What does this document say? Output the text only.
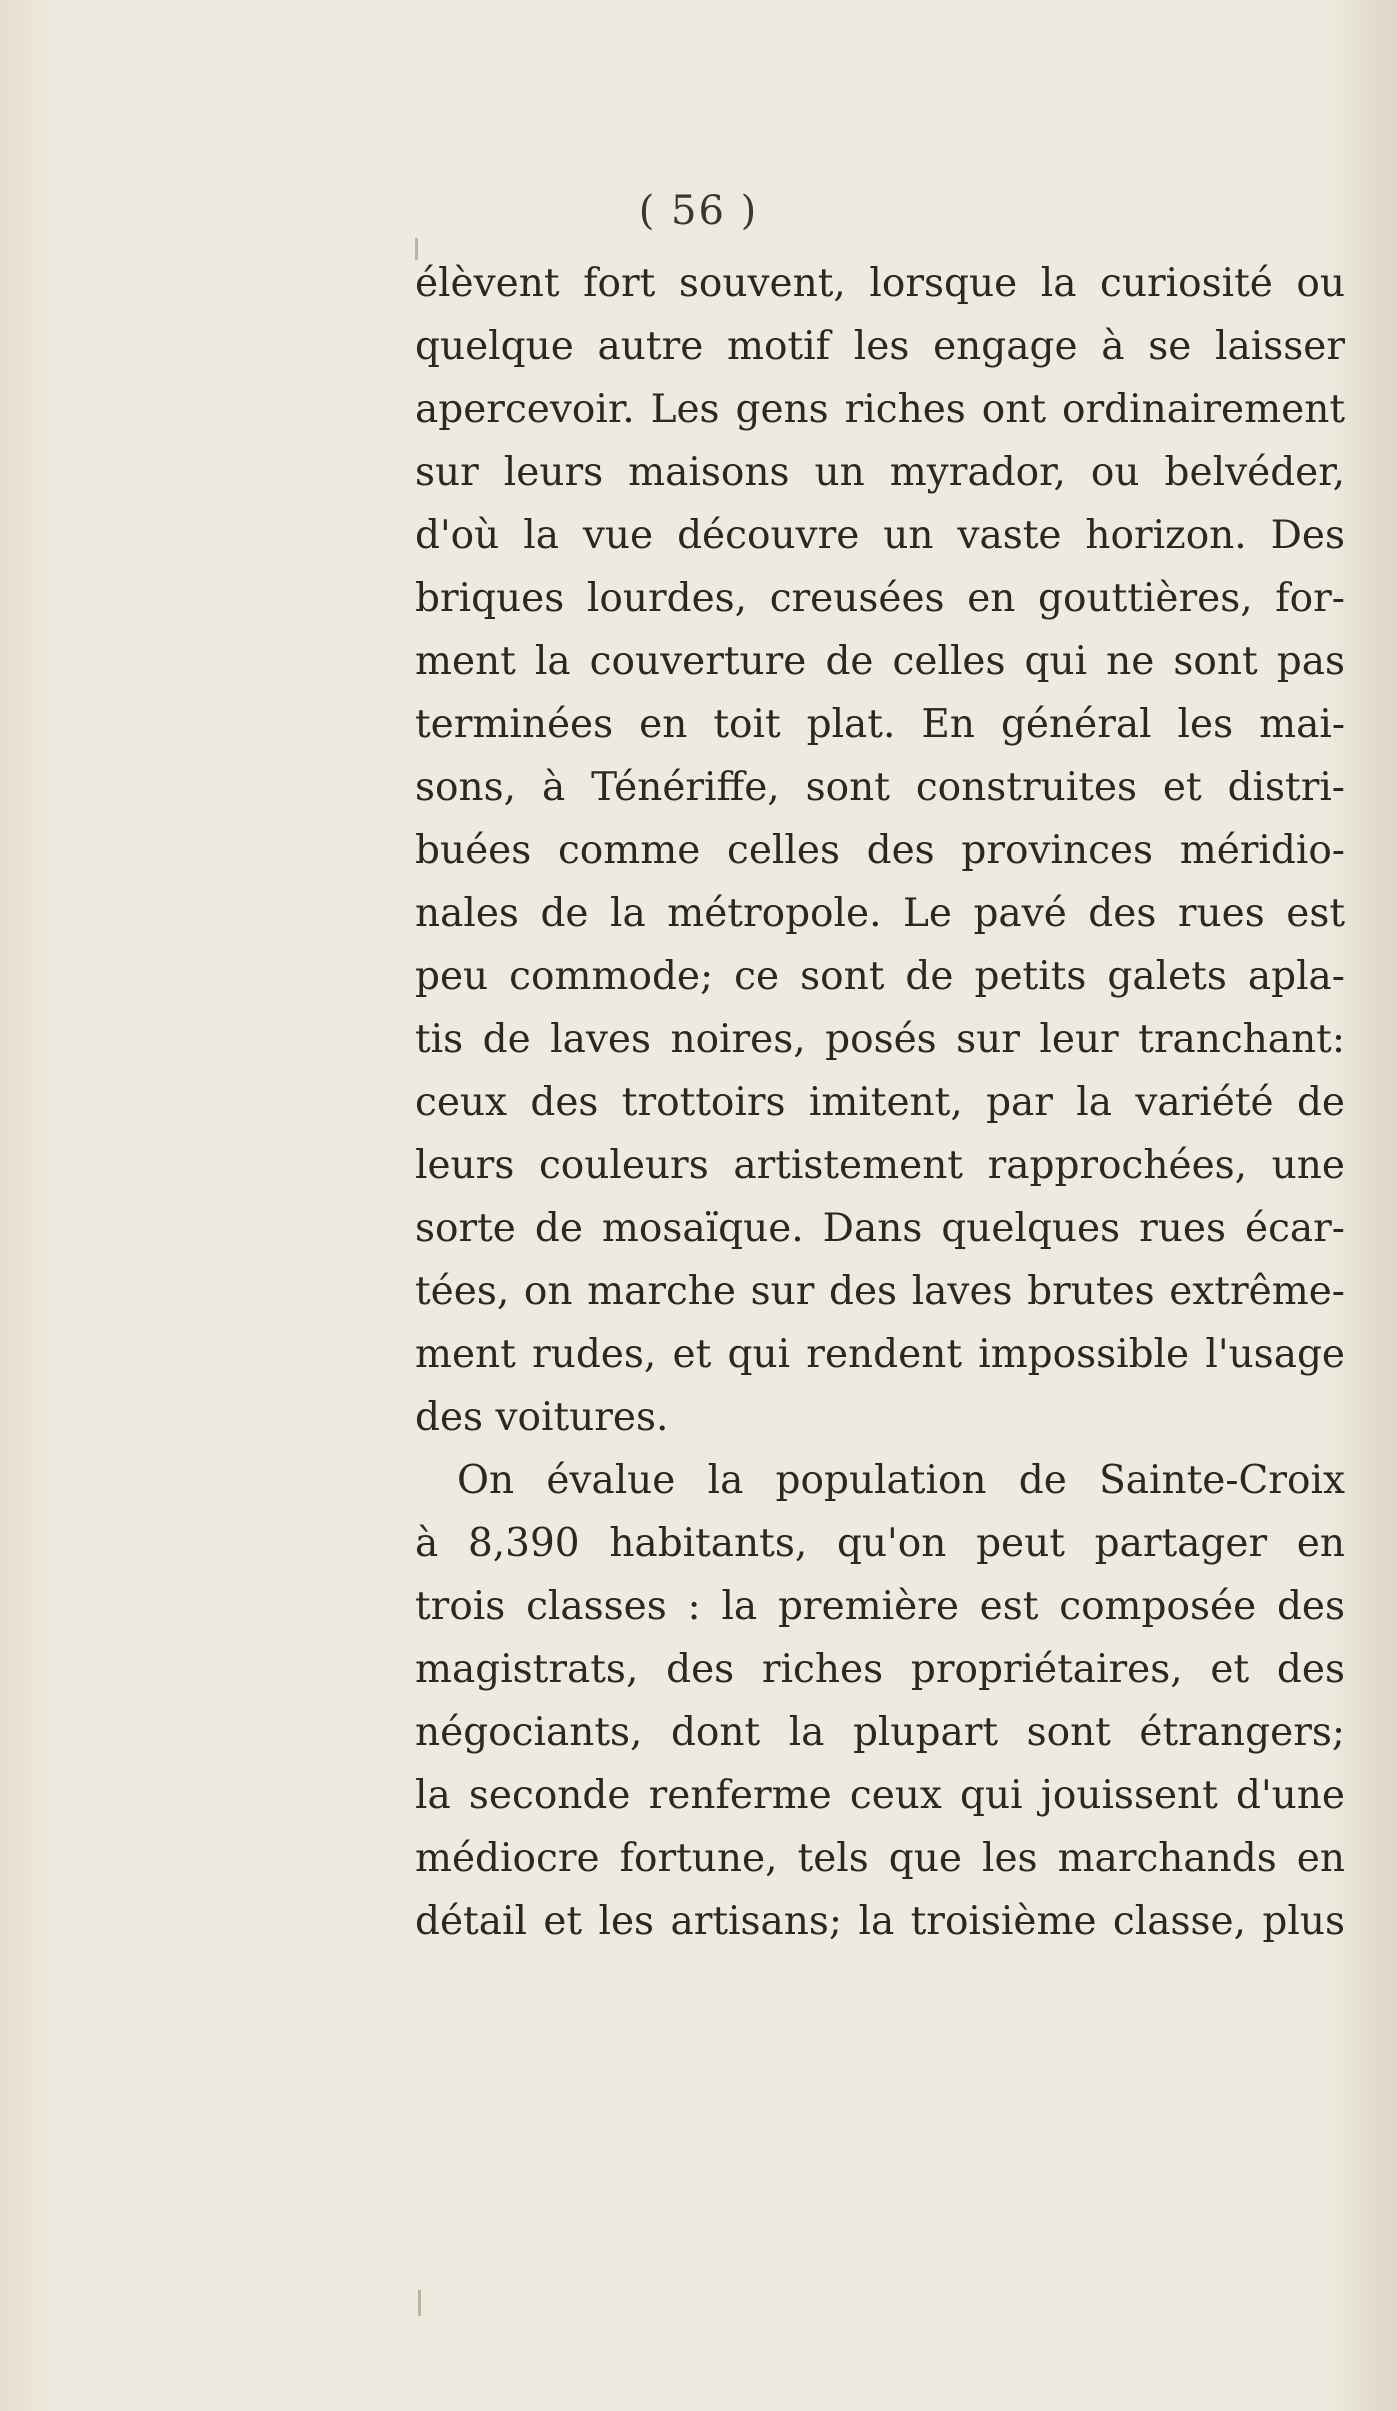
( 56 )

élèvent fort souvent, lorsque la curiosité ou
quelque autre motif les engage à se laisser
apercevoir. Les gens riches ont ordinairement
sur leurs maisons un myrador, ou belvéder,
d'où la vue découvre un vaste horizon. Des
briques lourdes, creusées en gouttières, for-
ment la couverture de celles qui ne sont pas
terminées en toit plat. En général les mai-
sons, à Ténériffe, sont construites et distri-
buées comme celles des provinces méridio-
nales de la métropole. Le pavé des rues est
peu commode; ce sont de petits galets apla-
tis de laves noires, posés sur leur tranchant:
ceux des trottoirs imitent, par la variété de
leurs couleurs artistement rapprochées, une
sorte de mosaïque. Dans quelques rues écar-
tées, on marche sur des laves brutes extrême-
ment rudes, et qui rendent impossible l'usage
des voitures.

On évalue la population de Sainte-Croix
à 8,390 habitants, qu'on peut partager en
trois classes : la première est composée des
magistrats, des riches propriétaires, et des
négociants, dont la plupart sont étrangers;
la seconde renferme ceux qui jouissent d'une
médiocre fortune, tels que les marchands en
détail et les artisans; la troisième classe, plus
